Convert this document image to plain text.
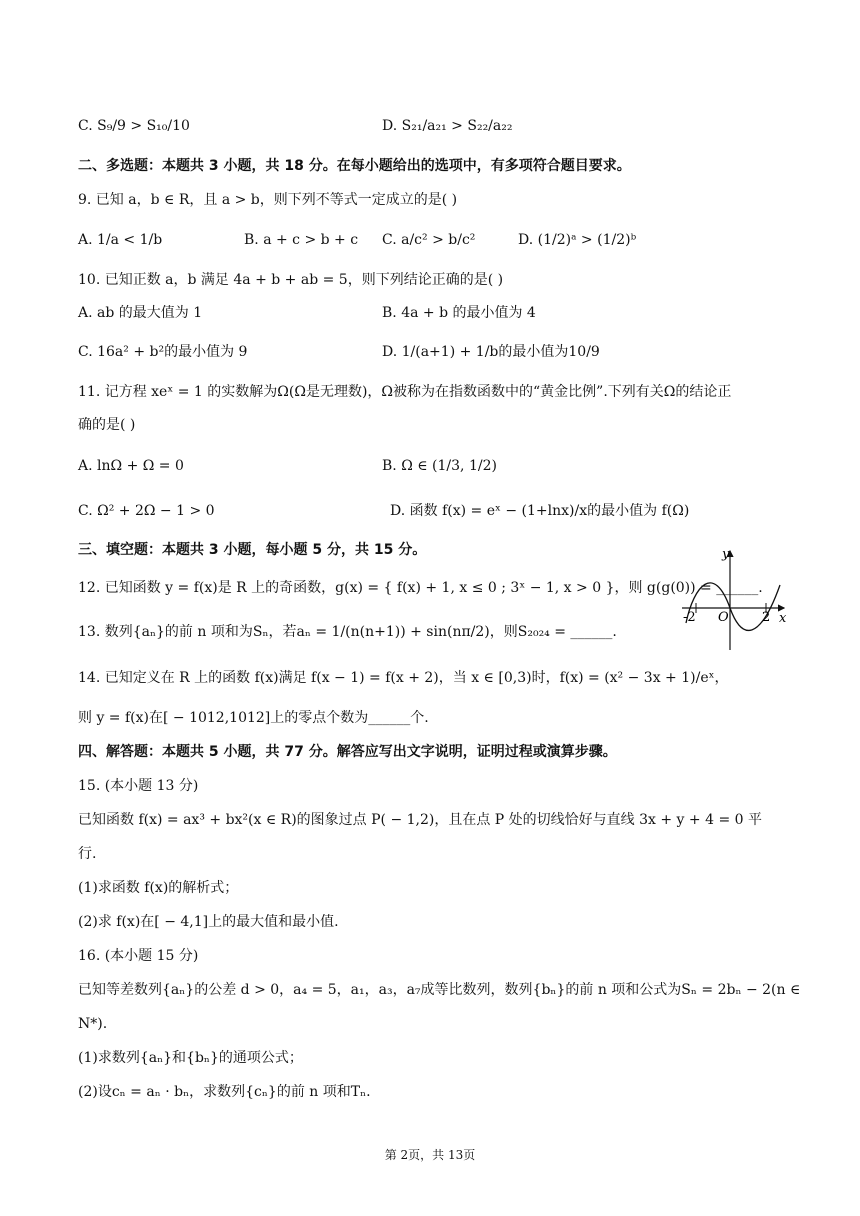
C. S₉/9 > S₁₀/10	D. S₂₁/a₂₁ > S₂₂/a₂₂
二、多选题：本题共 3 小题，共 18 分。在每小题给出的选项中，有多项符合题目要求。
9. 已知 a，b ∈ R，且 a > b，则下列不等式一定成立的是( )
A. 1/a < 1/b	B. a + c > b + c C. a/c² > b/c²	D. (1/2)ᵃ > (1/2)ᵇ
10. 已知正数 a，b 满足 4a + b + ab = 5，则下列结论正确的是( )
A. ab 的最大值为 1	B. 4a + b 的最小值为 4
C. 16a² + b²的最小值为 9	D. 1/(a+1) + 1/b的最小值为10/9
11. 记方程 xeˣ = 1 的实数解为Ω(Ω是无理数)，Ω被称为在指数函数中的“黄金比例”.下列有关Ω的结论正
确的是( )
A. lnΩ + Ω = 0	B. Ω ∈ (1/3, 1/2)
C. Ω² + 2Ω − 1 > 0	D. 函数 f(x) = eˣ − (1+lnx)/x的最小值为 f(Ω)
三、填空题：本题共 3 小题，每小题 5 分，共 15 分。
12. 已知函数 y = f(x)是 R 上的奇函数，g(x) = { f(x) + 1, x ≤ 0 ; 3ˣ − 1, x > 0 }，则 g(g(0)) = ______.
13. 数列{aₙ}的前 n 项和为Sₙ，若aₙ = 1/(n(n+1)) + sin(nπ/2)，则S₂₀₂₄ = ______.
14. 已知定义在 R 上的函数 f(x)满足 f(x − 1) = f(x + 2)，当 x ∈ [0,3)时，f(x) = (x² − 3x + 1)/eˣ，
则 y = f(x)在[ − 1012,1012]上的零点个数为______个.
四、解答题：本题共 5 小题，共 77 分。解答应写出文字说明，证明过程或演算步骤。
15. (本小题 13 分)
已知函数 f(x) = ax³ + bx²(x ∈ R)的图象过点 P( − 1,2)，且在点 P 处的切线恰好与直线 3x + y + 4 = 0 平
行.
(1)求函数 f(x)的解析式；
(2)求 f(x)在[ − 4,1]上的最大值和最小值.
16. (本小题 15 分)
已知等差数列{aₙ}的公差 d > 0，a₄ = 5，a₁，a₃，a₇成等比数列，数列{bₙ}的前 n 项和公式为Sₙ = 2bₙ − 2(n ∈
N*).
(1)求数列{aₙ}和{bₙ}的通项公式；
(2)设cₙ = aₙ · bₙ，求数列{cₙ}的前 n 项和Tₙ.
y
x
O
-2	2
第 2页，共 13页
